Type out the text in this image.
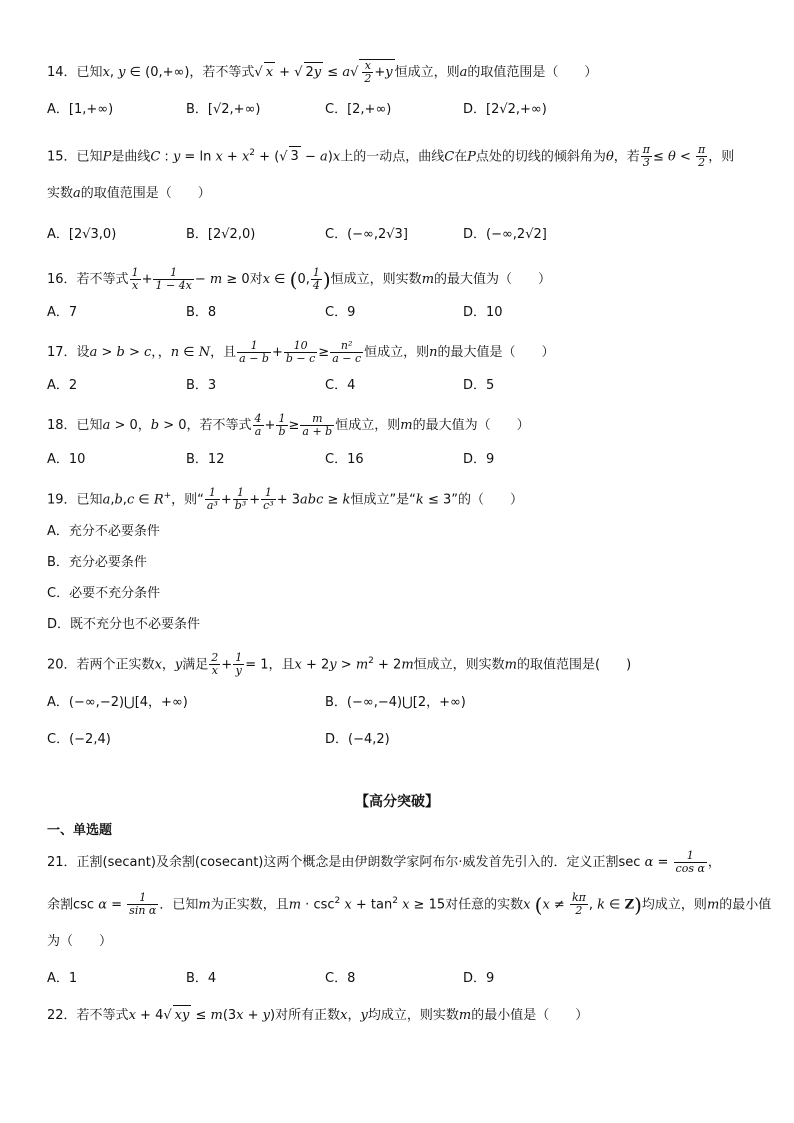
14．已知x, y ∈ (0,+∞)，若不等式√ x + √ $2y \le a√ \frac{x}{2} +y$ 恒成立，则a的取值范围是（　　）
A．[1,+∞)	B．[√2,+∞)	C．[2,+∞)	D．[2√2,+∞)
15．已知P是曲线C : $y = \ln x + x^2$ + (√ 3 − a)x上的一动点，曲线C在P点处的切线的倾斜角为θ，若 $\frac{\pi}{3} \le \theta < \frac{\pi}{2}$ ，则
实数a的取值范围是（　　）
A．[2√3,0)	B．[2√2,0)	C．(−∞,2√3]	D．(−∞,2√2]
16．若不等式 $\frac{1}{x} + \frac{1}{1 - 4x} - m \ge 0$对x ∈ (0, $\frac{1}{4}$ )恒成立，则实数m的最大值为（　　）
A．7	B．8	C．9	D．10
17．设a > b > c，，n ∈ N，且 $\frac{1}{a - b} + \frac{10}{b - c} \ge \frac{\text{n²}}{a - c}$ 恒成立，则n的最大值是（　　）
A．2	B．3	C．4	D．5
18．已知a > 0，b > 0，若不等式 $\frac{4}{a} + \frac{1}{b} \ge \frac{m}{a + b}$ 恒成立，则m的最大值为（　　）
A．10	B．12	C．16	D．9
19．已知a,b,c ∈ R+，则“ $\frac{1}{\text{a³}} + \frac{1}{\text{b³}} + \frac{1}{\text{c³}} + 3abc \ge k$恒成立”是“k ≤ 3”的（　　）
A．充分不必要条件
B．充分必要条件
C．必要不充分条件
D．既不充分也不必要条件
20．若两个正实数x，y满足 $\frac{2}{x} + \frac{1}{y} = 1$，且$x + 2y > m^2 + 2m$恒成立，则实数m的取值范围是(　　)
A．(−∞,−2)⋃[4，+∞)	B．(−∞,−4)⋃[2，+∞)
C．(−2,4)	D．(−4,2)
【高分突破】
一、单选题
21．正割(secant)及余割(cosecant)这两个概念是由伊朗数学家阿布尔·威发首先引入的．定义正割$\sec \alpha = \frac{1}{\text{cos α}}$ ，
余割$\csc \alpha = \frac{1}{\text{sin α}}$ ．已知m为正实数，且$m \cdot \csc^2 x + \tan^2 x \ge 15$对任意的实数x ($x \ne \frac{k\pi}{2}$ , k ∈ Z)均成立，则m的最小值
为（　　）
A．1	B．4	C．8	D．9
22．若不等式x + 4√ xy ≤ m(3x + y)对所有正数x，y均成立，则实数m的最小值是（　　）
